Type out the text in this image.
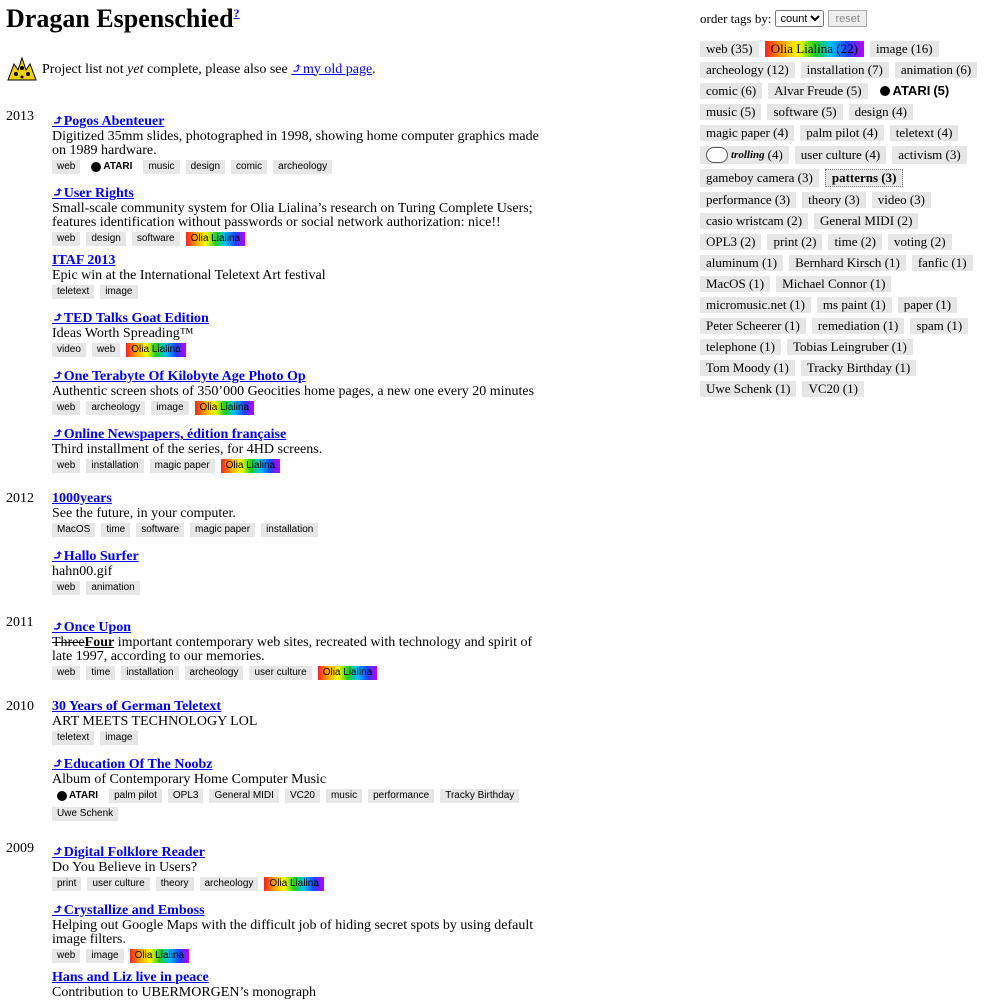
Dragan Espenschied?
Project list not yet complete, please also see ⤴my old page.
2013
2012
2011
2010
2009
⤴Pogos Abenteuer
Digitized 35mm slides, photographed in 1998, showing home computer graphics made on 1989 hardware.
web	ATARI music design comic archeology
⤴User Rights
Small-scale community system for Olia Lialina’s research on Turing Complete Users; features identification without passwords or social network authorization: nice!!
web design software Olia Lialina
ITAF 2013
Epic win at the International Teletext Art festival
teletext image
⤴TED Talks Goat Edition
Ideas Worth Spreading™
video web Olia Lialina
⤴One Terabyte Of Kilobyte Age Photo Op
Authentic screen shots of 350’000 Geocities home pages, a new one every 20 minutes
web archeology image Olia Lialina
⤴Online Newspapers, édition française
Third installment of the series, for 4HD screens.
web installation magic paper Olia Lialina
1000years
See the future, in your computer.
MacOS time software magic paper installation
⤴Hallo Surfer
hahn00.gif
web animation
⤴Once Upon
ThreeFour important contemporary web sites, recreated with technology and spirit of late 1997, according to our memories.
web time installation archeology user culture Olia Lialina
30 Years of German Teletext
ART MEETS TECHNOLOGY LOL
teletext image
⤴Education Of The Noobz
Album of Contemporary Home Computer Music
ATARI palm pilot OPL3 General MIDI VC20 music performance Tracky Birthday
Uwe Schenk
⤴Digital Folklore Reader
Do You Believe in Users?
print user culture theory archeology Olia Lialina
⤴Crystallize and Emboss
Helping out Google Maps with the difficult job of hiding secret spots by using default image filters.
web image Olia Lialina
Hans and Liz live in peace
Contribution to UBERMORGEN’s monograph
order tags by:
count	reset
web (35) Olia Lialina (22) image (16)
archeology (12) installation (7) animation (6)
comic (6) Alvar Freude (5) ATARI (5)
music (5) software (5) design (4)
magic paper (4) palm pilot (4) teletext (4)
trolling (4) user culture (4) activism (3)
gameboy camera (3) patterns (3)
performance (3) theory (3) video (3)
casio wristcam (2) General MIDI (2)
OPL3 (2) print (2) time (2) voting (2)
aluminum (1) Bernhard Kirsch (1) fanfic (1)
MacOS (1) Michael Connor (1)
micromusic.net (1) ms paint (1) paper (1)
Peter Scheerer (1) remediation (1) spam (1)
telephone (1) Tobias Leingruber (1)
Tom Moody (1) Tracky Birthday (1)
Uwe Schenk (1) VC20 (1)
